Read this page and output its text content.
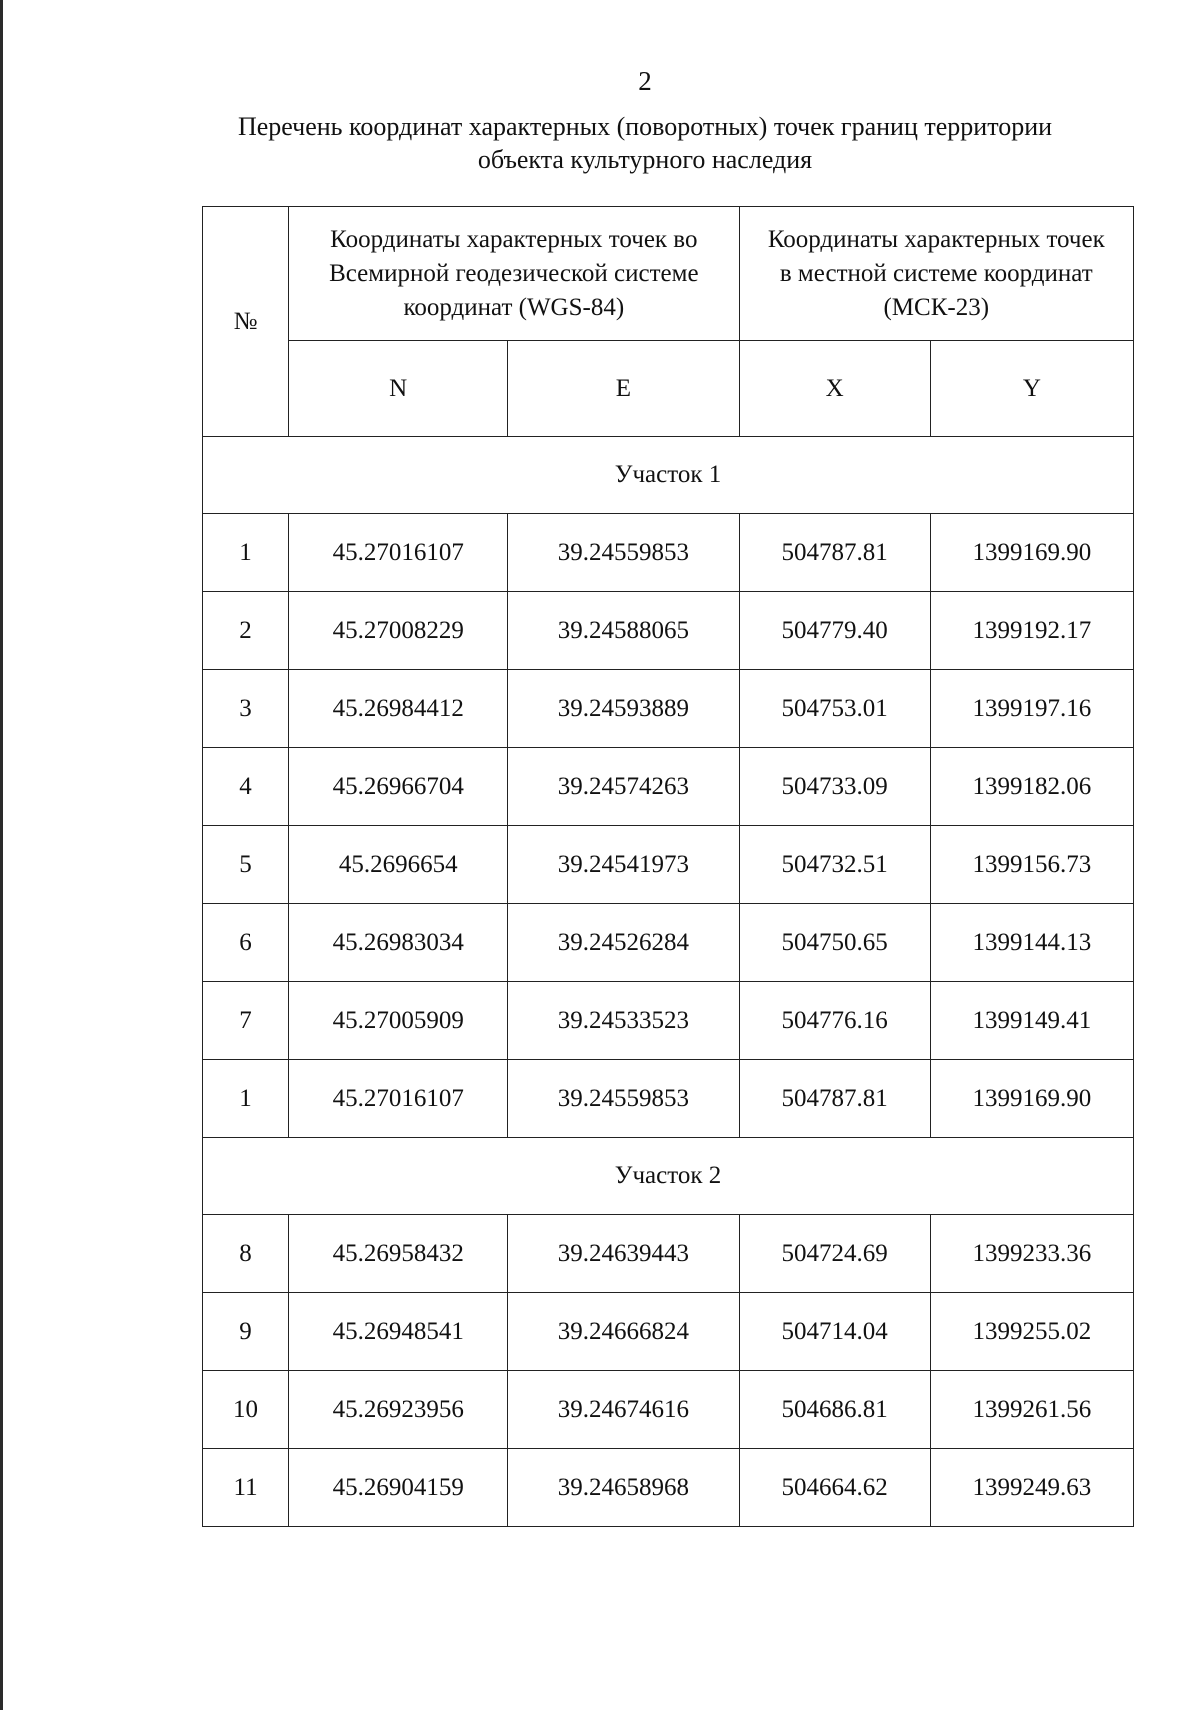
2
Перечень координат характерных (поворотных) точек границ территории
объекта культурного наследия
№	Координаты характерных точек во Всемирной геодезической системе координат (WGS-84)		Координаты характерных точек в местной системе координат (МСК-23)	
	N	E	X	Y
Участок 1				
1	45.27016107	39.24559853	504787.81	1399169.90
2	45.27008229	39.24588065	504779.40	1399192.17
3	45.26984412	39.24593889	504753.01	1399197.16
4	45.26966704	39.24574263	504733.09	1399182.06
5	45.2696654	39.24541973	504732.51	1399156.73
6	45.26983034	39.24526284	504750.65	1399144.13
7	45.27005909	39.24533523	504776.16	1399149.41
1	45.27016107	39.24559853	504787.81	1399169.90
Участок 2				
8	45.26958432	39.24639443	504724.69	1399233.36
9	45.26948541	39.24666824	504714.04	1399255.02
10	45.26923956	39.24674616	504686.81	1399261.56
11	45.26904159	39.24658968	504664.62	1399249.63
